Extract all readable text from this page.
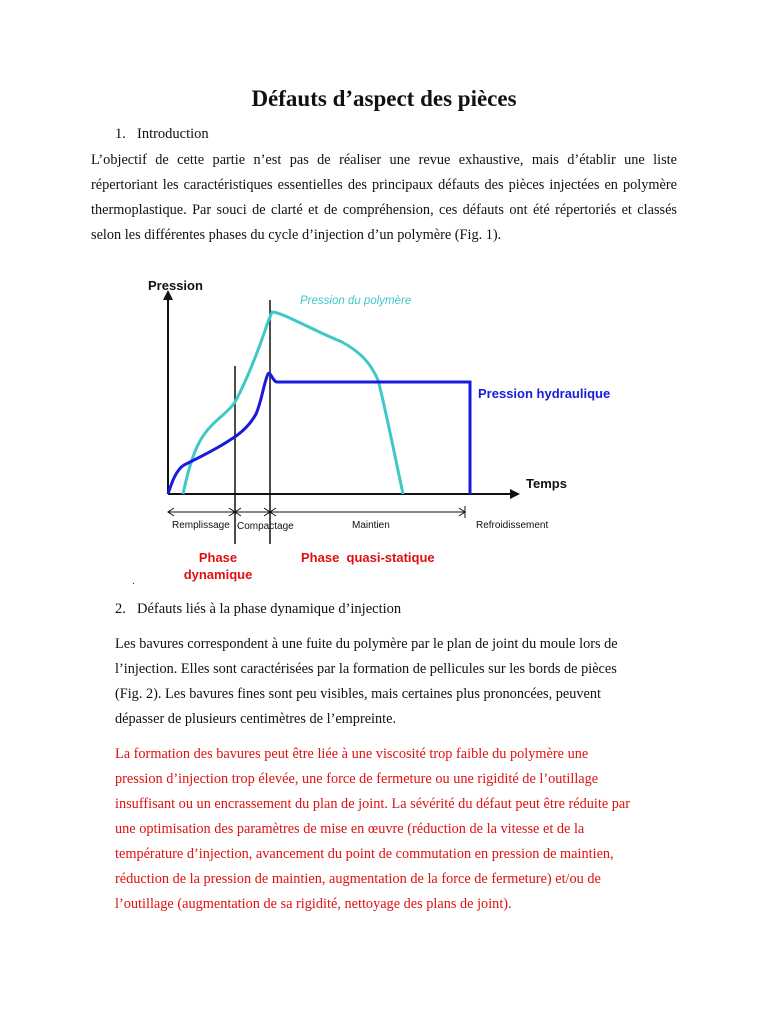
Défauts d’aspect des pièces
1. Introduction

L’objectif de cette partie n’est pas de réaliser une revue exhaustive, mais d’établir une liste répertoriant les caractéristiques essentielles des principaux défauts des pièces injectées en polymère thermoplastique. Par souci de clarté et de compréhension, ces défauts ont été répertoriés et classés selon les différentes phases du cycle d’injection d’un polymère (Fig. 1).

Pression
Temps
Pression du polymère
Pression hydraulique
Remplissage Compactage	Maintien	Refroidissement
Phase
dynamique
Phase  quasi-statique
.
2. Défauts liés à la phase dynamique d’injection
Les bavures correspondent à une fuite du polymère par le plan de joint du moule lors de
l’injection. Elles sont caractérisées par la formation de pellicules sur les bords de pièces
(Fig. 2). Les bavures fines sont peu visibles, mais certaines plus prononcées, peuvent
dépasser de plusieurs centimètres de l’empreinte.
La formation des bavures peut être liée à une viscosité trop faible du polymère une
pression d’injection trop élevée, une force de fermeture ou une rigidité de l’outillage
insuffisant ou un encrassement du plan de joint. La sévérité du défaut peut être réduite par
une optimisation des paramètres de mise en œuvre (réduction de la vitesse et de la
température d’injection, avancement du point de commutation en pression de maintien,
réduction de la pression de maintien, augmentation de la force de fermeture) et/ou de
l’outillage (augmentation de sa rigidité, nettoyage des plans de joint).
